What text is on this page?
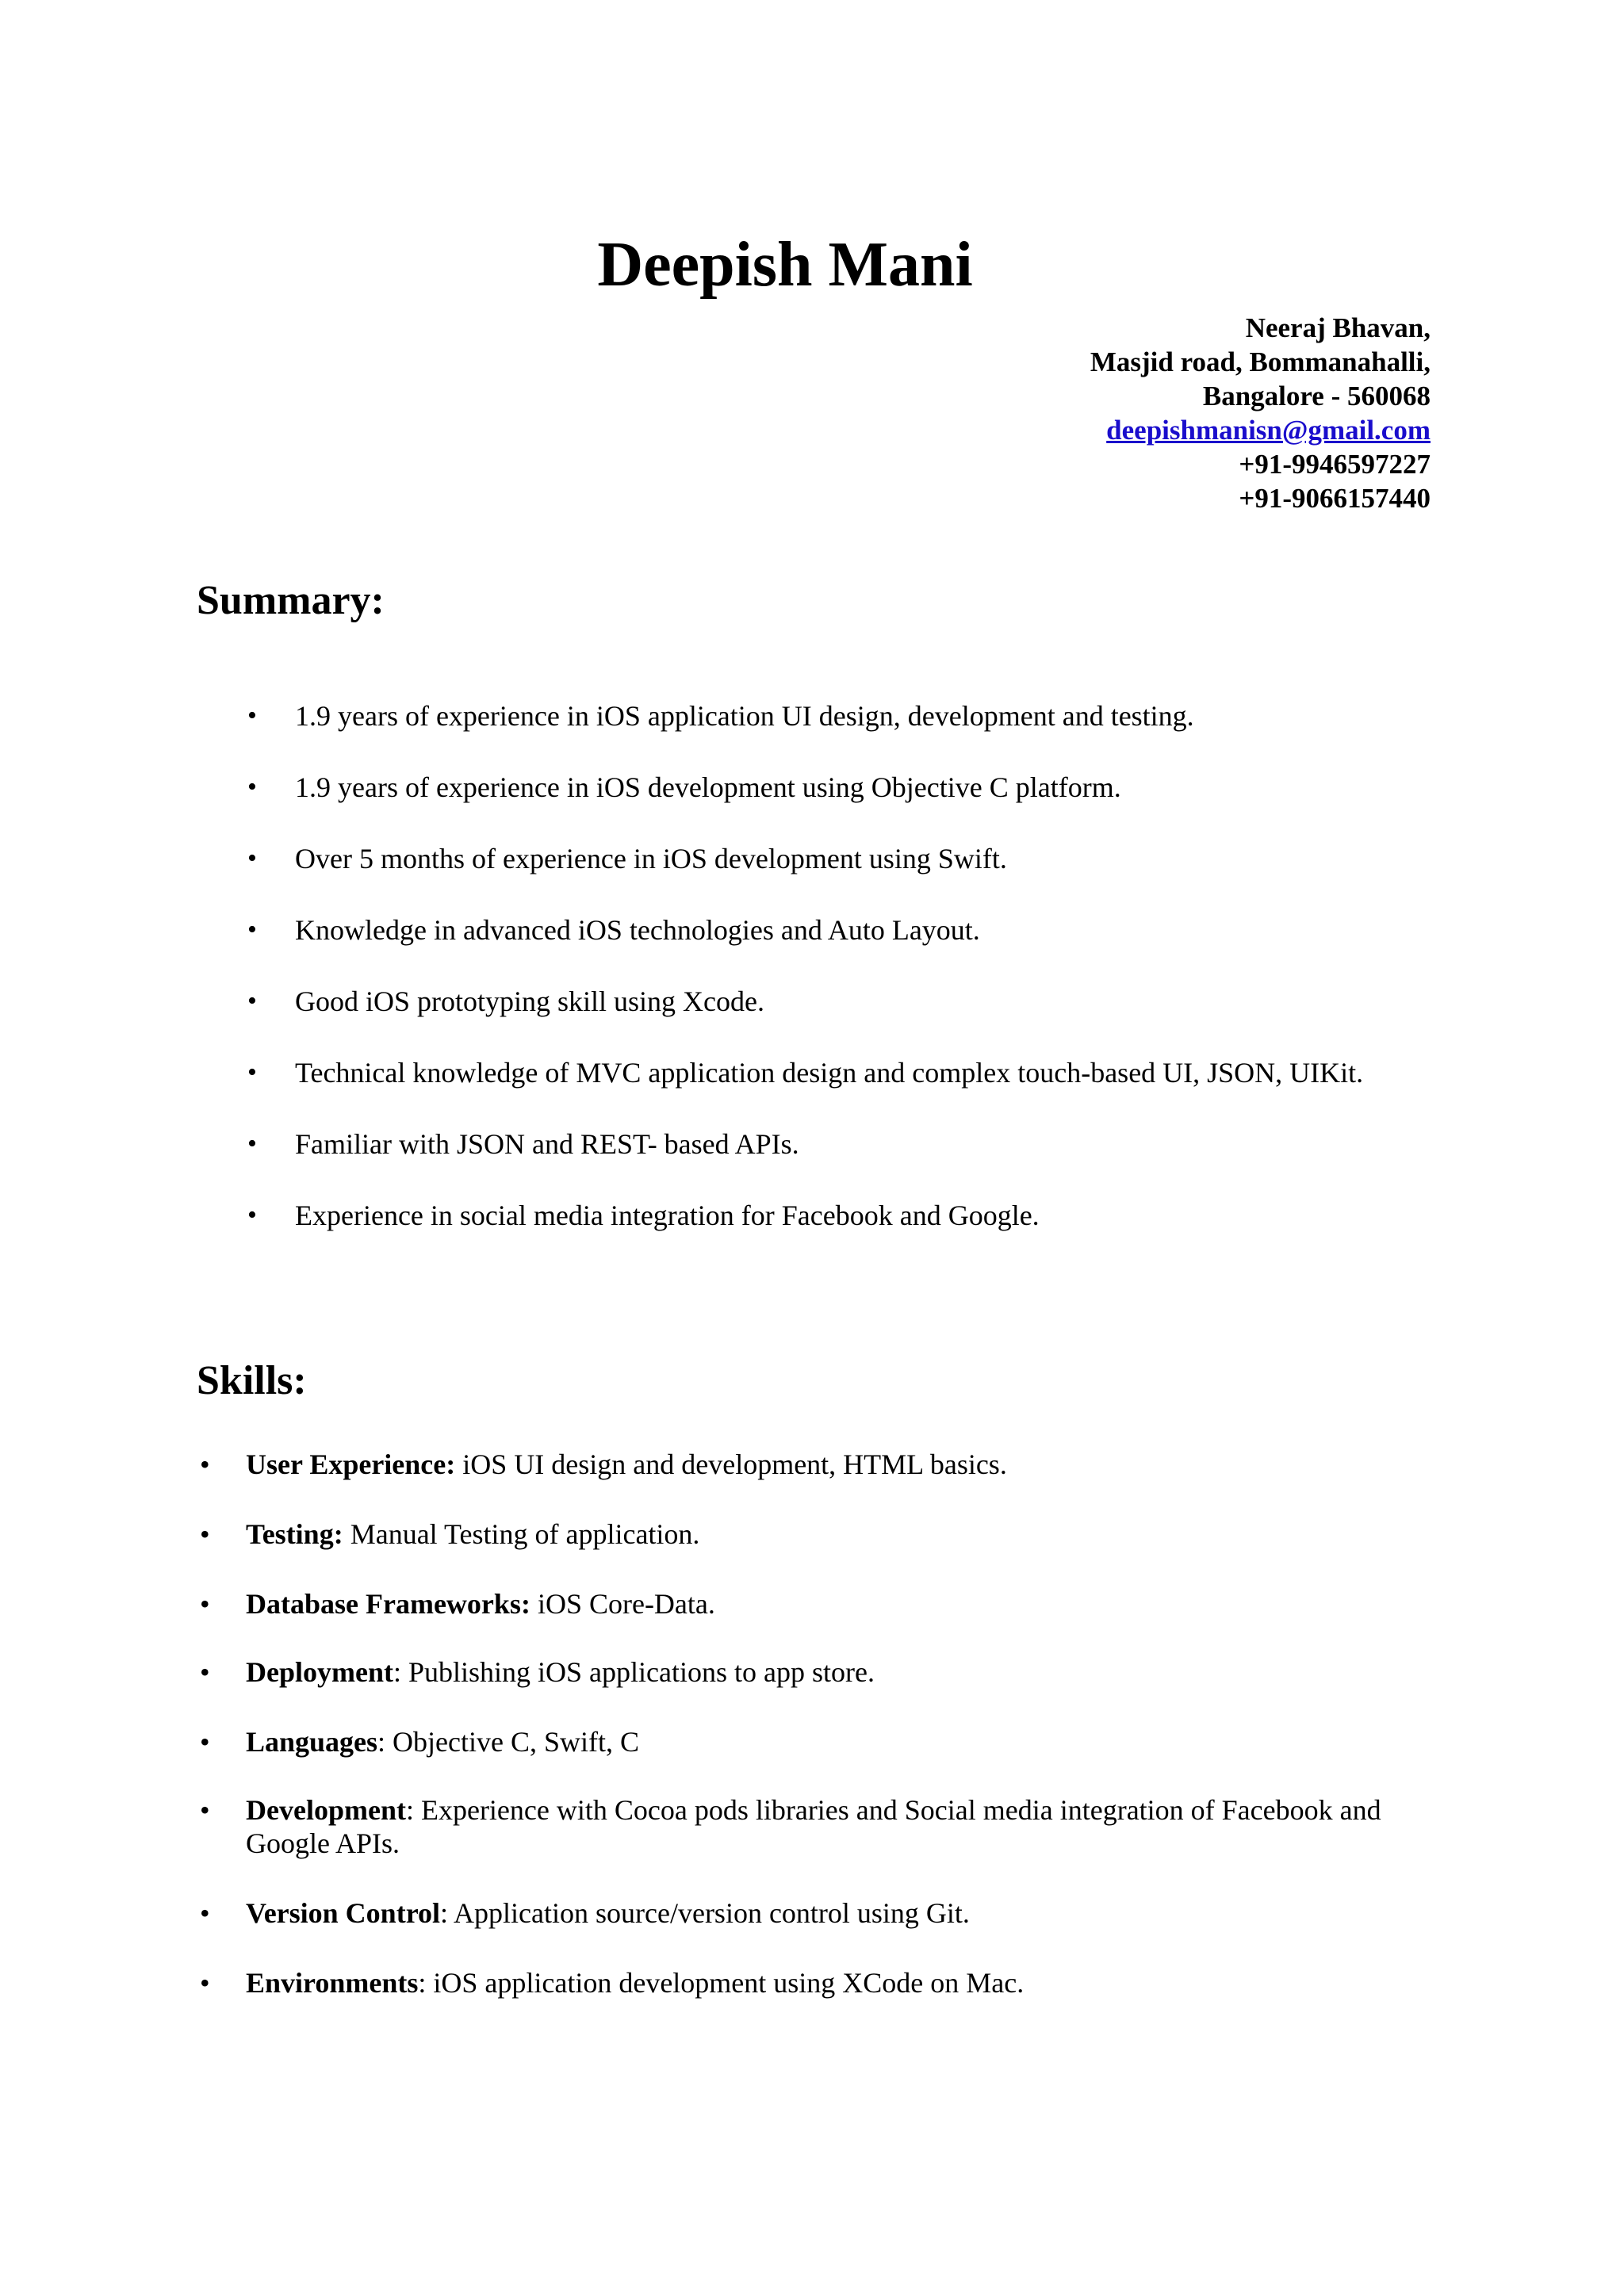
Deepish Mani
Neeraj Bhavan,
Masjid road, Bommanahalli,
Bangalore - 560068
deepishmanisn@gmail.com
+91-9946597227
+91-9066157440
Summary:
• 1.9 years of experience in iOS application UI design, development and testing.
• 1.9 years of experience in iOS development using Objective C platform.
• Over 5 months of experience in iOS development using Swift.
• Knowledge in advanced iOS technologies and Auto Layout.
• Good iOS prototyping skill using Xcode.
• Technical knowledge of MVC application design and complex touch-based UI, JSON, UIKit.
• Familiar with JSON and REST- based APIs.
• Experience in social media integration for Facebook and Google.
Skills:
• User Experience: iOS UI design and development, HTML basics.
• Testing: Manual Testing of application.
• Database Frameworks: iOS Core-Data.
• Deployment: Publishing iOS applications to app store.
• Languages: Objective C, Swift, C
• Development: Experience with Cocoa pods libraries and Social media integration of Facebook and Google APIs.
• Version Control: Application source/version control using Git.
• Environments: iOS application development using XCode on Mac.
